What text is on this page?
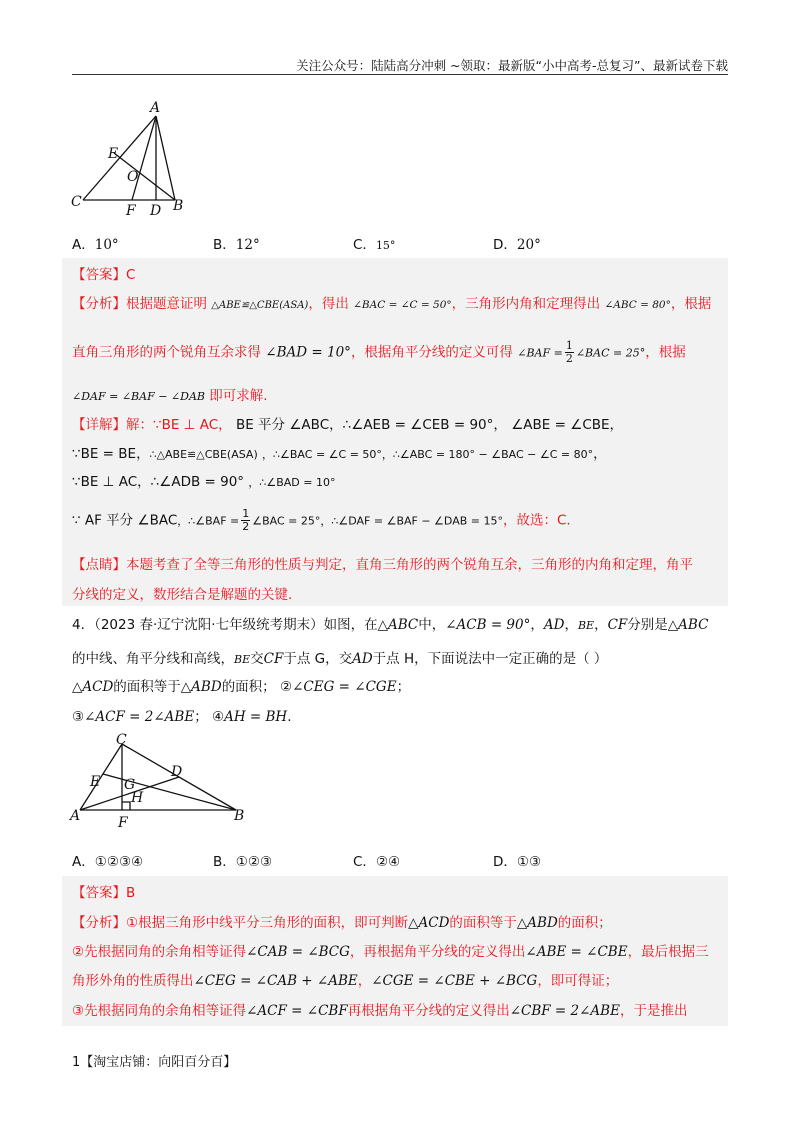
关注公众号：陆陆高分冲刺 ~领取：最新版“小中高考-总复习”、最新试卷下载
A
E
O
C
F D B
A．10°	B．12°	C．15°	D．20°
【答案】C
【分析】根据题意证明 △ABE≌△CBE(ASA)，得出 ∠BAC = ∠C = 50°，三角形内角和定理得出 ∠ABC = 80°，根据
直角三角形的两个锐角互余求得 ∠BAD = 10°，根据角平分线的定义可得 ∠BAF = $\frac{1}{2}$ ∠BAC = 25°，根据
∠DAF = ∠BAF − ∠DAB 即可求解.
【详解】解：∵BE ⊥ AC， BE 平分 ∠ABC，∴∠AEB = ∠CEB = 90°， ∠ABE = ∠CBE，
∵BE = BE，∴△ABE≌△CBE(ASA) ，∴∠BAC = ∠C = 50°，∴∠ABC = 180° − ∠BAC − ∠C = 80°，
∵BE ⊥ AC，∴∠ADB = 90° ，∴∠BAD = 10°
∵ AF 平分 ∠BAC，∴∠BAF = $\frac{1}{2}$ ∠BAC = 25°，∴∠DAF = ∠BAF − ∠DAB = 15°，故选：C.
【点睛】本题考查了全等三角形的性质与判定，直角三角形的两个锐角互余，三角形的内角和定理，角平
分线的定义，数形结合是解题的关键.
4．（2023 春·辽宁沈阳·七年级统考期末）如图，在△ABC中，∠ACB = 90°，AD，BE，CF分别是△ABC
的中线、角平分线和高线，BE交CF于点 G，交AD于点 H，下面说法中一定正确的是（ ）
△ACD的面积等于△ABD的面积； ②∠CEG = ∠CGE；
③∠ACF = 2∠ABE； ④AH = BH.
C
E
D
G
H
A	F	B
A．①②③④	B．①②③	C．②④	D．①③
【答案】B
【分析】①根据三角形中线平分三角形的面积，即可判断△ACD的面积等于△ABD的面积；
②先根据同角的余角相等证得∠CAB = ∠BCG，再根据角平分线的定义得出∠ABE = ∠CBE，最后根据三
角形外角的性质得出∠CEG = ∠CAB + ∠ABE，∠CGE = ∠CBE + ∠BCG，即可得证；
③先根据同角的余角相等证得∠ACF = ∠CBF再根据角平分线的定义得出∠CBF = 2∠ABE，于是推出
1【淘宝店铺：向阳百分百】
